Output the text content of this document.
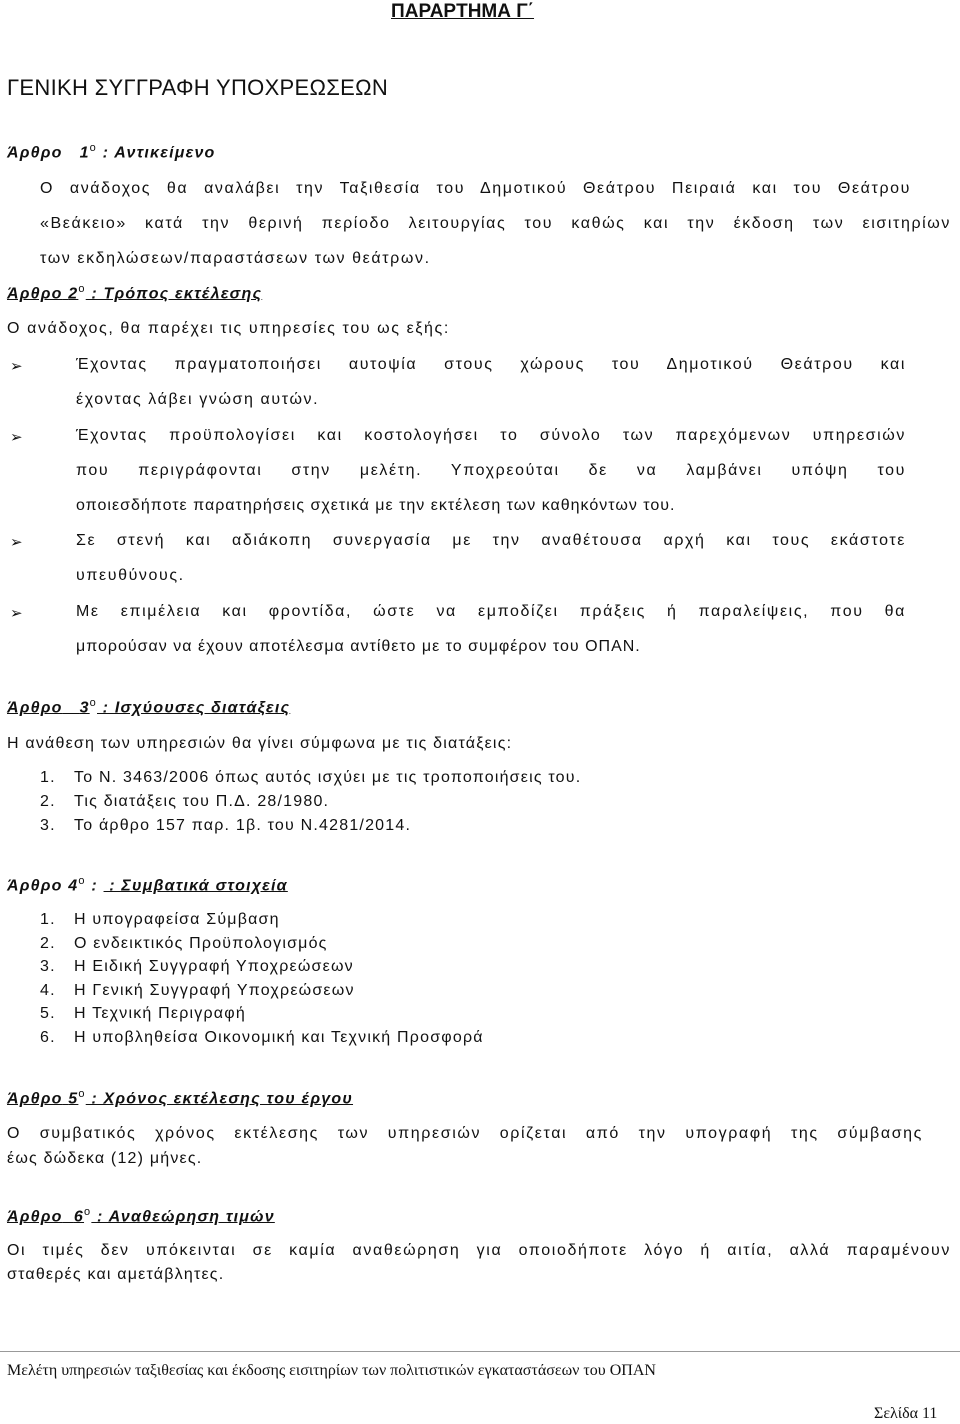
ΠΑΡΑΡΤΗΜΑ Γ΄
ΓΕΝΙΚΗ ΣΥΓΓΡΑΦΗ ΥΠΟΧΡΕΩΣΕΩΝ
Άρθρο $1^o$ : Αντικείμενο
Ο ανάδοχος θα αναλάβει την Ταξιθεσία του Δημοτικού Θεάτρου Πειραιά και του Θεάτρου
«Βεάκειο» κατά την θερινή περίοδο λειτουργίας του καθώς και την έκδοση των εισιτηρίων
των εκδηλώσεων/παραστάσεων των θεάτρων.
Άρθρο $2^o$ : Τρόπος εκτέλεσης
Ο ανάδοχος, θα παρέχει τις υπηρεσίες του ως εξής:
➢	Έχοντας πραγματοποιήσει αυτοψία στους χώρους του Δημοτικού Θεάτρου και
έχοντας λάβει γνώση αυτών.
➢	Έχοντας προϋπολογίσει και κοστολογήσει το σύνολο των παρεχόμενων υπηρεσιών
που περιγράφονται στην μελέτη. Υποχρεούται δε να λαμβάνει υπόψη του
οποιεσδήποτε παρατηρήσεις σχετικά με την εκτέλεση των καθηκόντων του.
➢	Σε στενή και αδιάκοπη συνεργασία με την αναθέτουσα αρχή και τους εκάστοτε
υπευθύνους.
➢	Με επιμέλεια και φροντίδα, ώστε να εμποδίζει πράξεις ή παραλείψεις, που θα
μπορούσαν να έχουν αποτέλεσμα αντίθετο με το συμφέρον του ΟΠΑΝ.
Άρθρο $3^o$ : Ισχύουσες διατάξεις
Η ανάθεση των υπηρεσιών θα γίνει σύμφωνα με τις διατάξεις:
1. Το Ν. 3463/2006 όπως αυτός ισχύει με τις τροποποιήσεις του.
2. Τις διατάξεις του Π.Δ. 28/1980.
3. Το άρθρο 157 παρ. 1β. του Ν.4281/2014.
Άρθρο $4^o$ :  : Συμβατικά στοιχεία
1. Η υπογραφείσα Σύμβαση
2. Ο ενδεικτικός Προϋπολογισμός
3. Η Ειδική Συγγραφή Υποχρεώσεων
4. Η Γενική Συγγραφή Υποχρεώσεων
5. Η Τεχνική Περιγραφή
6. Η υποβληθείσα Οικονομική και Τεχνική Προσφορά
Άρθρο $5^o$ : Χρόνος εκτέλεσης του έργου
Ο συμβατικός χρόνος εκτέλεσης των υπηρεσιών ορίζεται από την υπογραφή της σύμβασης
έως δώδεκα (12) μήνες.
Άρθρο $6^o$ : Αναθεώρηση τιμών
Οι τιμές δεν υπόκεινται σε καμία αναθεώρηση για οποιοδήποτε λόγο ή αιτία, αλλά παραμένουν
σταθερές και αμετάβλητες.
Μελέτη υπηρεσιών ταξιθεσίας και έκδοσης εισιτηρίων των πολιτιστικών εγκαταστάσεων του ΟΠΑΝ
Σελίδα 11
